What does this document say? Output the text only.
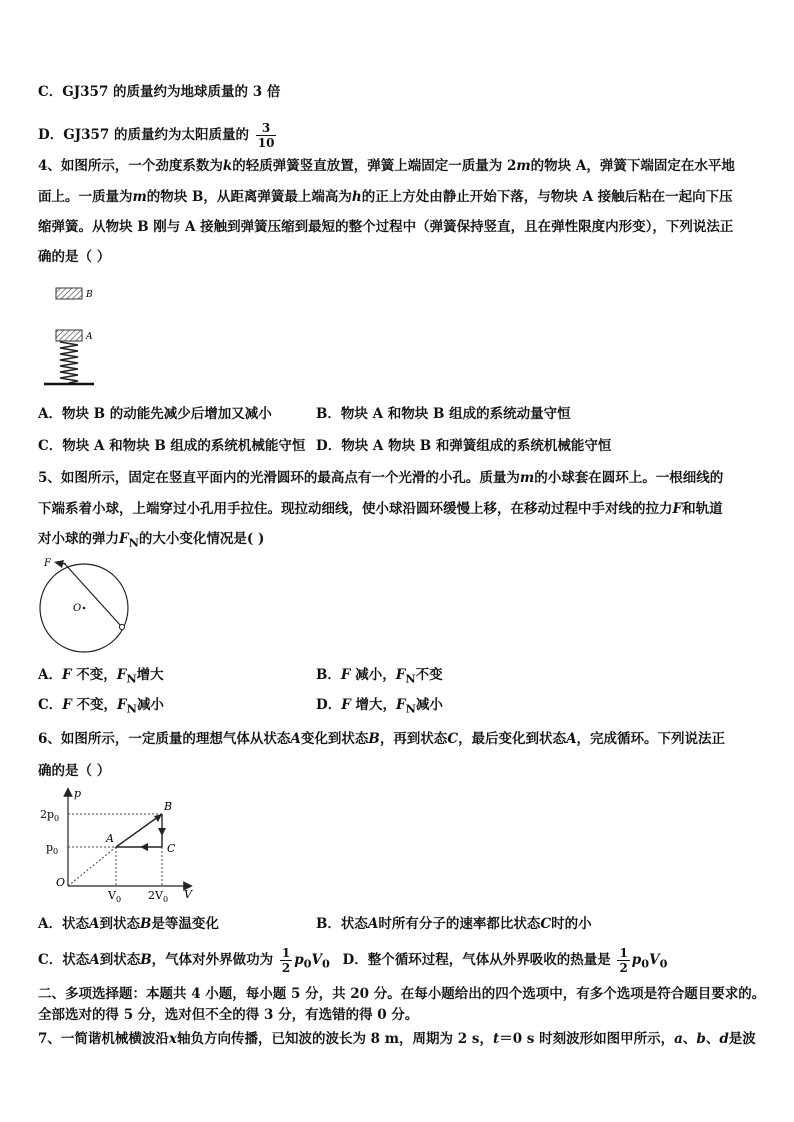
C．GJ357 的质量约为地球质量的 3 倍
D．GJ357 的质量约为太阳质量的 $\frac{3}{10}$
4、如图所示，一个劲度系数为k的轻质弹簧竖直放置，弹簧上端固定一质量为 2m的物块 A，弹簧下端固定在水平地
面上。一质量为m的物块 B，从距离弹簧最上端高为h的正上方处由静止开始下落，与物块 A 接触后粘在一起向下压
缩弹簧。从物块 B 刚与 A 接触到弹簧压缩到最短的整个过程中（弹簧保持竖直，且在弹性限度内形变），下列说法正
确的是（ ）
B
A
A．物块 B 的动能先减少后增加又减小	B．物块 A 和物块 B 组成的系统动量守恒
C．物块 A 和物块 B 组成的系统机械能守恒 D．物块 A 物块 B 和弹簧组成的系统机械能守恒
5、如图所示，固定在竖直平面内的光滑圆环的最高点有一个光滑的小孔。质量为m的小球套在圆环上。一根细线的
下端系着小球，上端穿过小孔用手拉住。现拉动细线，使小球沿圆环缓慢上移，在移动过程中手对线的拉力F和轨道
对小球的弹力$F_N$的大小变化情况是( )
F
O
A．F 不变，$F_N$增大	B．F 减小，$F_N$不变
C．F 不变，$F_N$减小	D．F 增大，$F_N$减小
6、如图所示，一定质量的理想气体从状态A变化到状态B，再到状态C，最后变化到状态A，完成循环。下列说法正
确的是（ ）
p
V
O
$2p_0$
$p_0$
$V_0$ $2V_0$
A
B
C
A．状态A到状态B是等温变化	B．状态A时所有分子的速率都比状态C时的小
C．状态A到状态B，气体对外界做功为 $\frac{1}{2} p_0V_0$ D．整个循环过程，气体从外界吸收的热量是 $\frac{1}{2} p_0V_0$
二、多项选择题：本题共 4 小题，每小题 5 分，共 20 分。在每小题给出的四个选项中，有多个选项是符合题目要求的。
全部选对的得 5 分，选对但不全的得 3 分，有选错的得 0 分。
7、一简谐机械横波沿x轴负方向传播，已知波的波长为 8 m，周期为 2 s，t＝0 s 时刻波形如图甲所示，a、b、d是波
